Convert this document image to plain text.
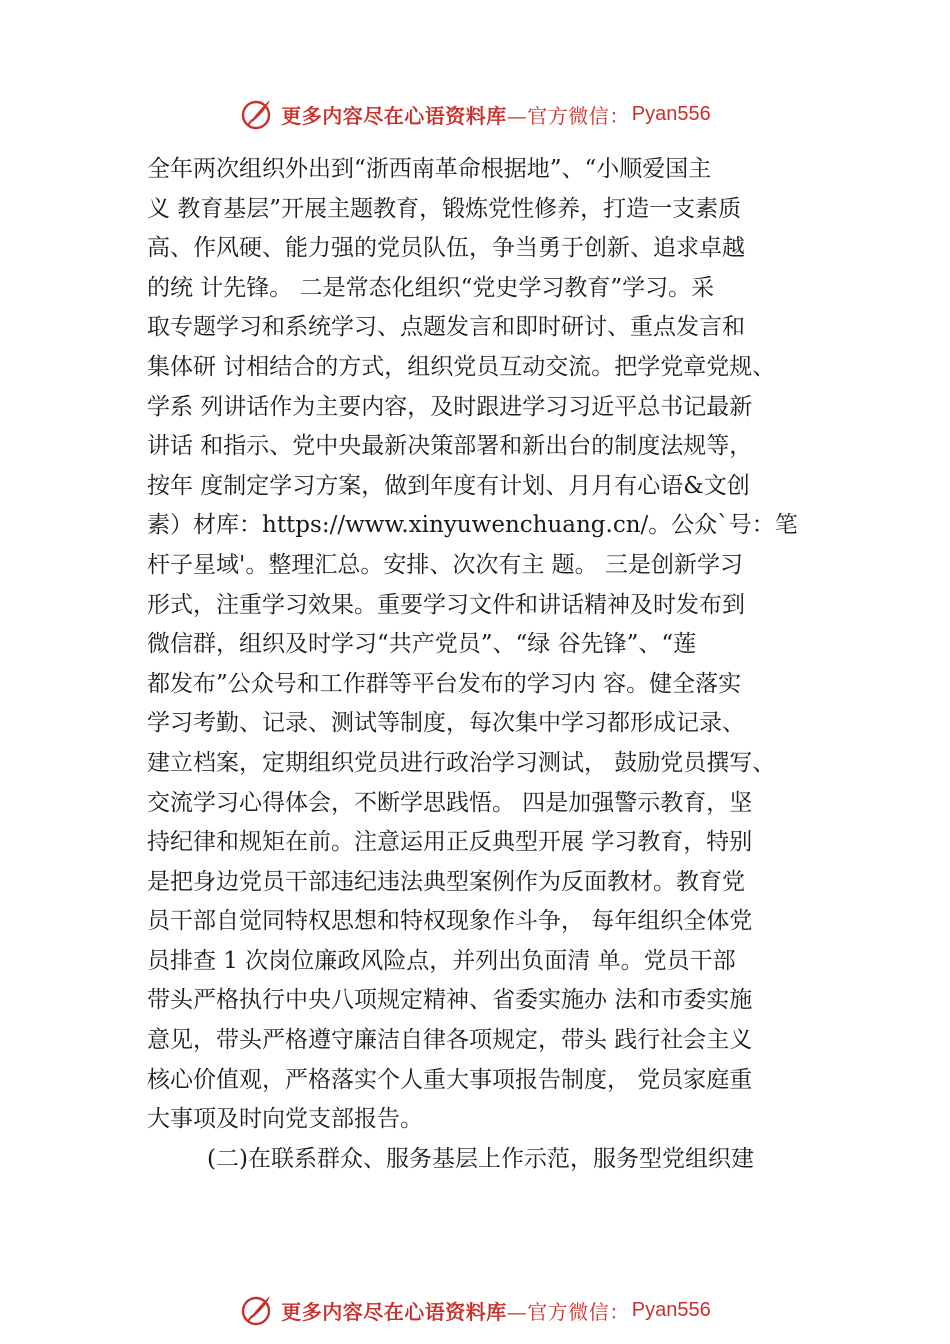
更多内容尽在心语资料库 —官方微信： Pyan556
全年两次组织外出到“浙西南革命根据地”、“小顺爱国主
义 教育基层”开展主题教育，锻炼党性修养，打造一支素质
高、作风硬、能力强的党员队伍，争当勇于创新、追求卓越
的统 计先锋。 二是常态化组织“党史学习教育”学习。采
取专题学习和系统学习、点题发言和即时研讨、重点发言和
集体研 讨相结合的方式，组织党员互动交流。把学党章党规、
学系 列讲话作为主要内容，及时跟进学习习近平总书记最新
讲话 和指示、党中央最新决策部署和新出台的制度法规等，
按年 度制定学习方案，做到年度有计划、月月有心语&文创
素）材库：https://www.xinyuwenchuang.cn/。公众`号：笔
杆子星域'。整理汇总。安排、次次有主 题。 三是创新学习
形式，注重学习效果。重要学习文件和讲话精神及时发布到
微信群，组织及时学习“共产党员”、“绿 谷先锋”、“莲
都发布”公众号和工作群等平台发布的学习内 容。健全落实
学习考勤、记录、测试等制度，每次集中学习都形成记录、
建立档案，定期组织党员进行政治学习测试， 鼓励党员撰写、
交流学习心得体会，不断学思践悟。 四是加强警示教育，坚
持纪律和规矩在前。注意运用正反典型开展 学习教育，特别
是把身边党员干部违纪违法典型案例作为反面教材。教育党
员干部自觉同特权思想和特权现象作斗争， 每年组织全体党
员排查 1 次岗位廉政风险点，并列出负面清 单。党员干部
带头严格执行中央八项规定精神、省委实施办 法和市委实施
意见，带头严格遵守廉洁自律各项规定，带头 践行社会主义
核心价值观，严格落实个人重大事项报告制度， 党员家庭重
大事项及时向党支部报告。
(二)在联系群众、服务基层上作示范，服务型党组织建
更多内容尽在心语资料库 —官方微信： Pyan556
